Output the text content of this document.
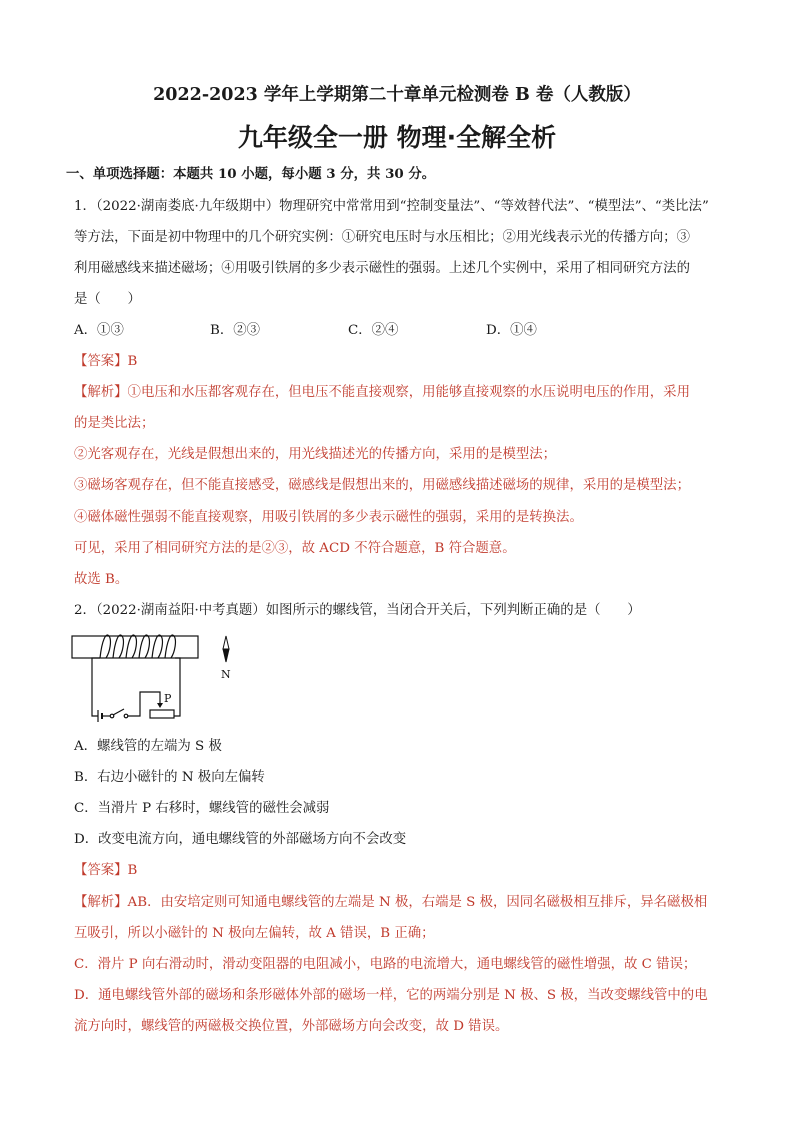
2022-2023 学年上学期第二十章单元检测卷 B 卷（人教版）
九年级全一册 物理·全解全析
一、单项选择题：本题共 10 小题，每小题 3 分，共 30 分。
1．（2022·湖南娄底·九年级期中）物理研究中常常用到“控制变量法”、“等效替代法”、“模型法”、“类比法”
等方法，下面是初中物理中的几个研究实例：①研究电压时与水压相比；②用光线表示光的传播方向；③
利用磁感线来描述磁场；④用吸引铁屑的多少表示磁性的强弱。上述几个实例中，采用了相同研究方法的
是（　　）
A．①③	B．②③	C．②④	D．①④
【答案】B
【解析】①电压和水压都客观存在，但电压不能直接观察，用能够直接观察的水压说明电压的作用，采用
的是类比法；
②光客观存在，光线是假想出来的，用光线描述光的传播方向，采用的是模型法；
③磁场客观存在，但不能直接感受，磁感线是假想出来的，用磁感线描述磁场的规律，采用的是模型法；
④磁体磁性强弱不能直接观察，用吸引铁屑的多少表示磁性的强弱，采用的是转换法。
可见，采用了相同研究方法的是②③，故 ACD 不符合题意，B 符合题意。
故选 B。
2．（2022·湖南益阳·中考真题）如图所示的螺线管，当闭合开关后，下列判断正确的是（　　）
P
N
A．螺线管的左端为 S 极
B．右边小磁针的 N 极向左偏转
C．当滑片 P 右移时，螺线管的磁性会减弱
D．改变电流方向，通电螺线管的外部磁场方向不会改变
【答案】B
【解析】AB．由安培定则可知通电螺线管的左端是 N 极，右端是 S 极，因同名磁极相互排斥，异名磁极相
互吸引，所以小磁针的 N 极向左偏转，故 A 错误，B 正确；
C．滑片 P 向右滑动时，滑动变阻器的电阻减小，电路的电流增大，通电螺线管的磁性增强，故 C 错误；
D．通电螺线管外部的磁场和条形磁体外部的磁场一样，它的两端分别是 N 极、S 极，当改变螺线管中的电
流方向时，螺线管的两磁极交换位置，外部磁场方向会改变，故 D 错误。
